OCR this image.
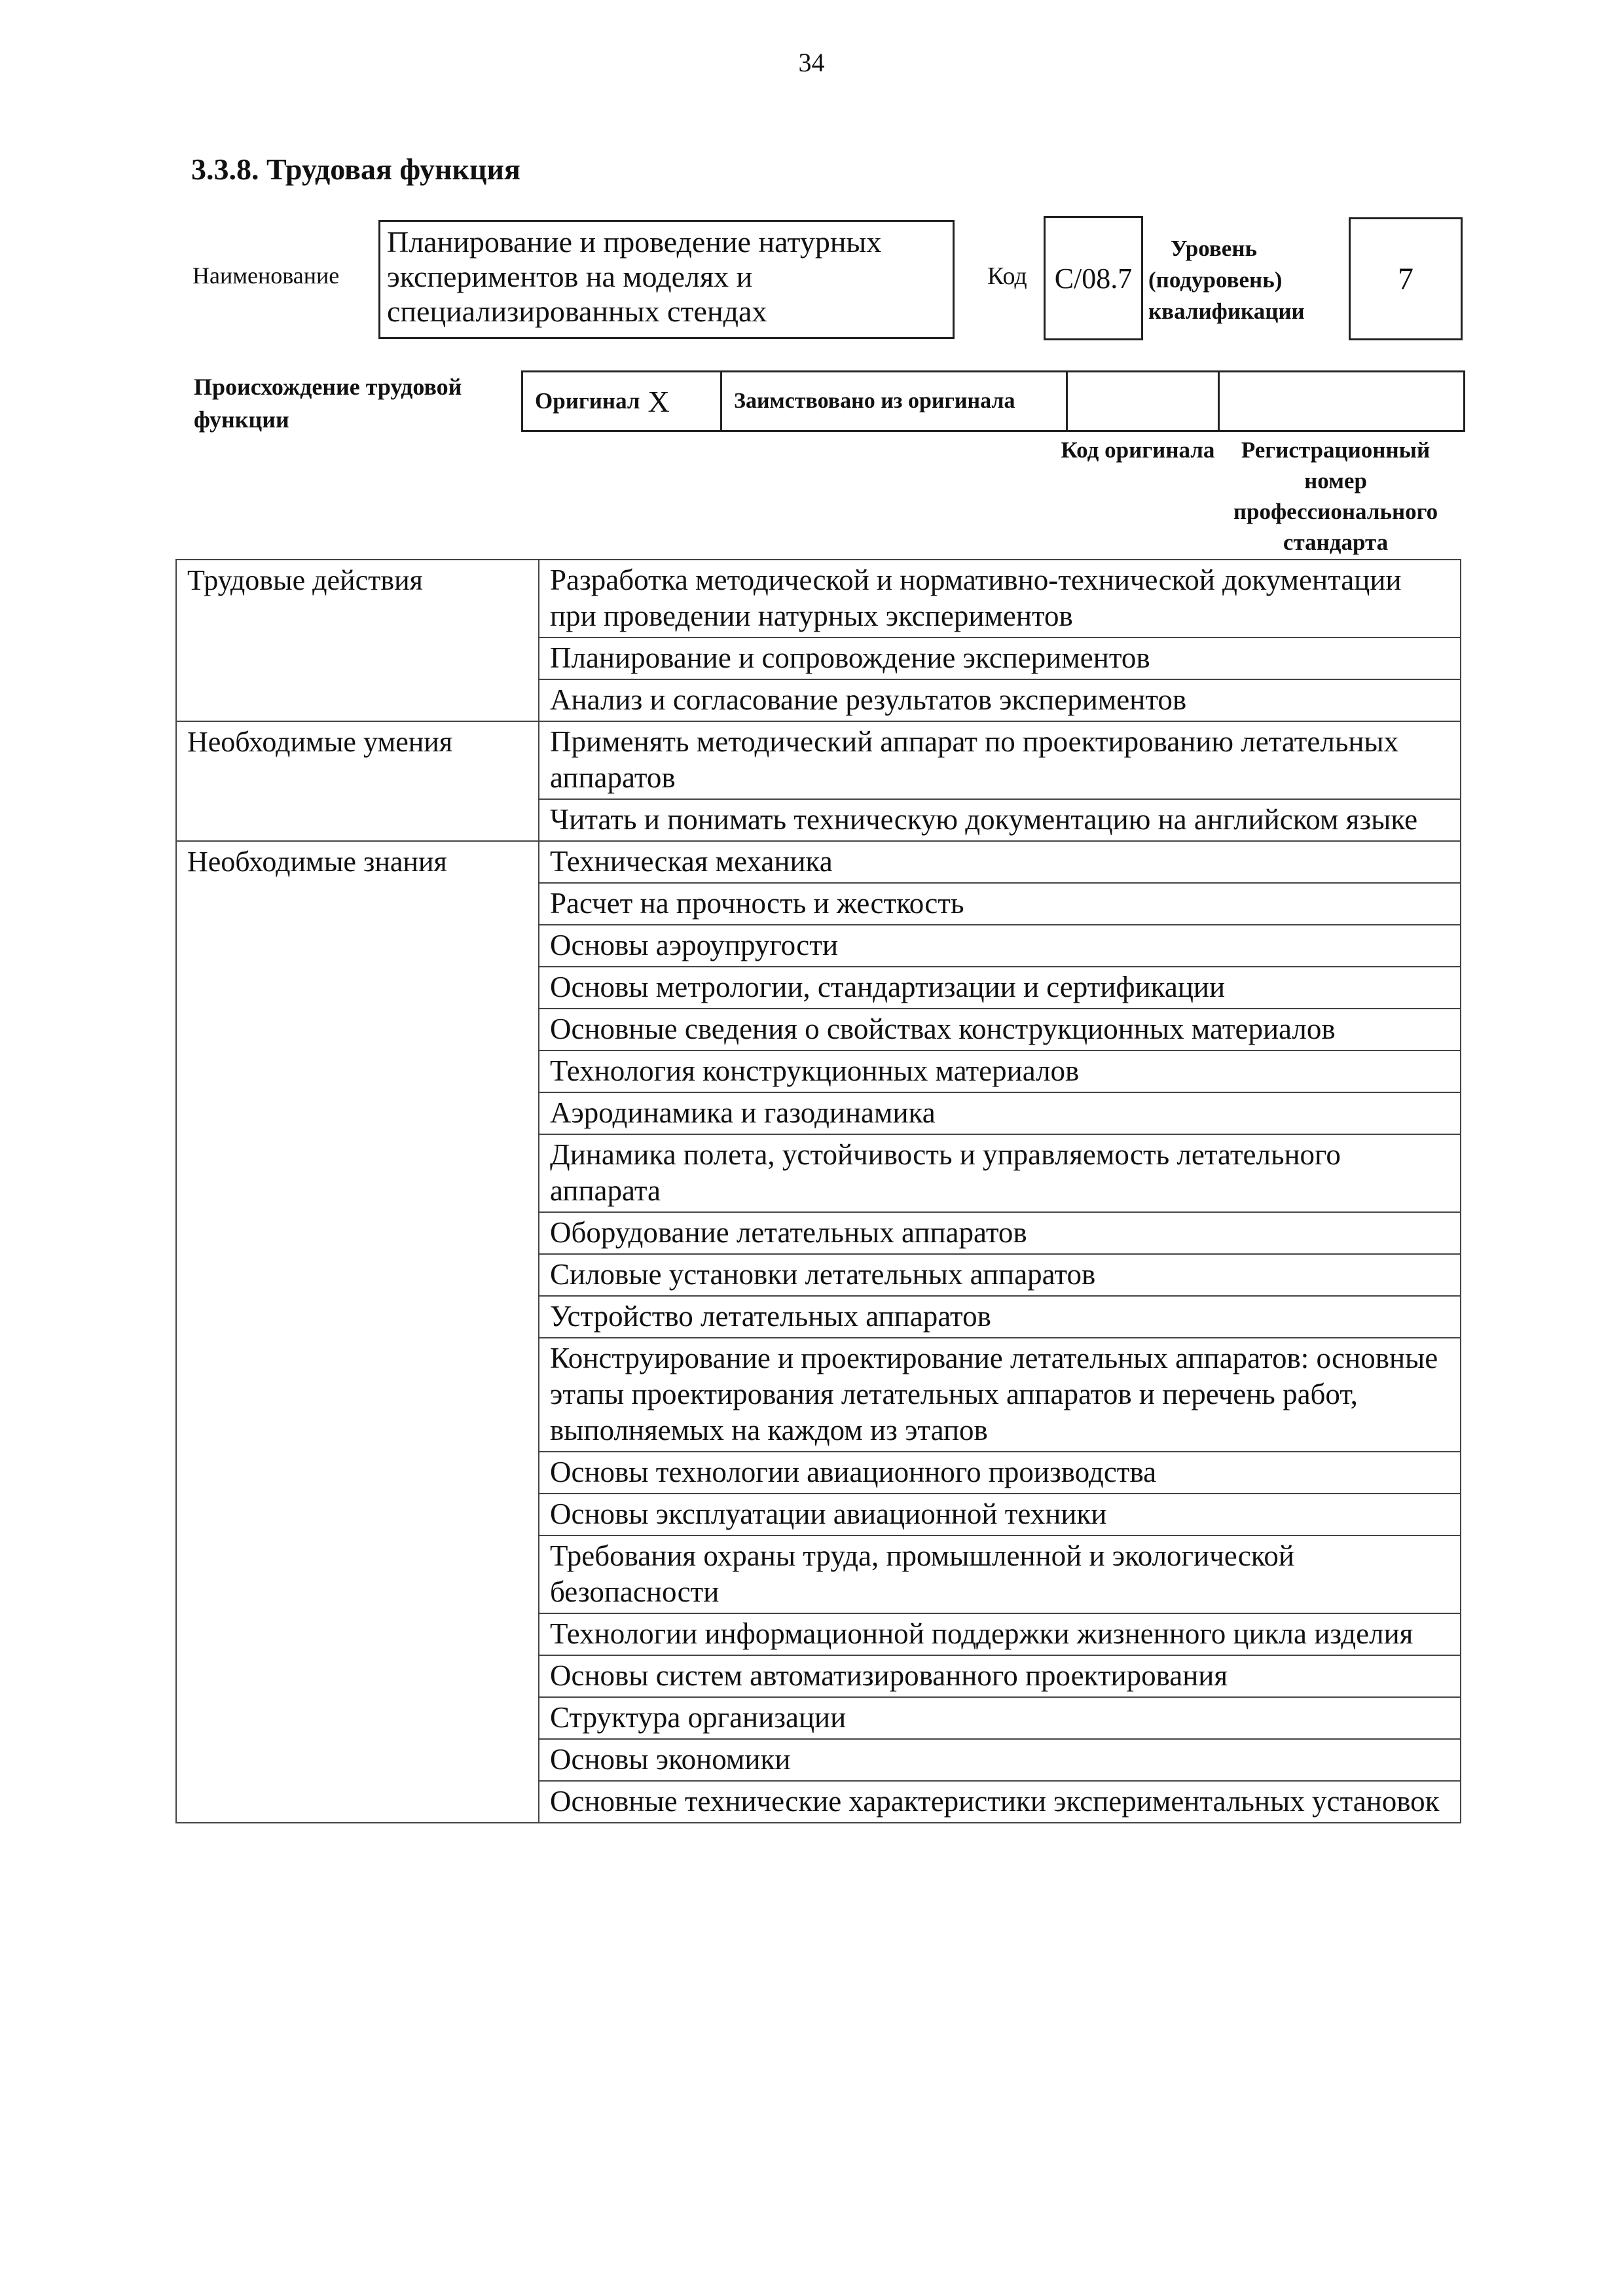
34
3.3.8. Трудовая функция
Наименование
Планирование и проведение натурных экспериментов на моделях и специализированных стендах
Код C/08.7
Уровень (подуровень) квалификации
7
Происхождение трудовой функции
Оригинал X	Заимствовано из оригинала
Код оригинала	Регистрационный номер профессионального стандарта
Трудовые действия	Разработка методической и нормативно-технической документации при проведении натурных экспериментов
	Планирование и сопровождение экспериментов
	Анализ и согласование результатов экспериментов
Необходимые умения	Применять методический аппарат по проектированию летательных аппаратов
	Читать и понимать техническую документацию на английском языке
Необходимые знания	Техническая механика
	Расчет на прочность и жесткость
	Основы аэроупругости
	Основы метрологии, стандартизации и сертификации
	Основные сведения о свойствах конструкционных материалов
	Технология конструкционных материалов
	Аэродинамика и газодинамика
	Динамика полета, устойчивость и управляемость летательного аппарата
	Оборудование летательных аппаратов
	Силовые установки летательных аппаратов
	Устройство летательных аппаратов
	Конструирование и проектирование летательных аппаратов: основные этапы проектирования летательных аппаратов и перечень работ, выполняемых на каждом из этапов
	Основы технологии авиационного производства
	Основы эксплуатации авиационной техники
	Требования охраны труда, промышленной и экологической безопасности
	Технологии информационной поддержки жизненного цикла изделия
	Основы систем автоматизированного проектирования
	Структура организации
	Основы экономики
	Основные технические характеристики экспериментальных установок
